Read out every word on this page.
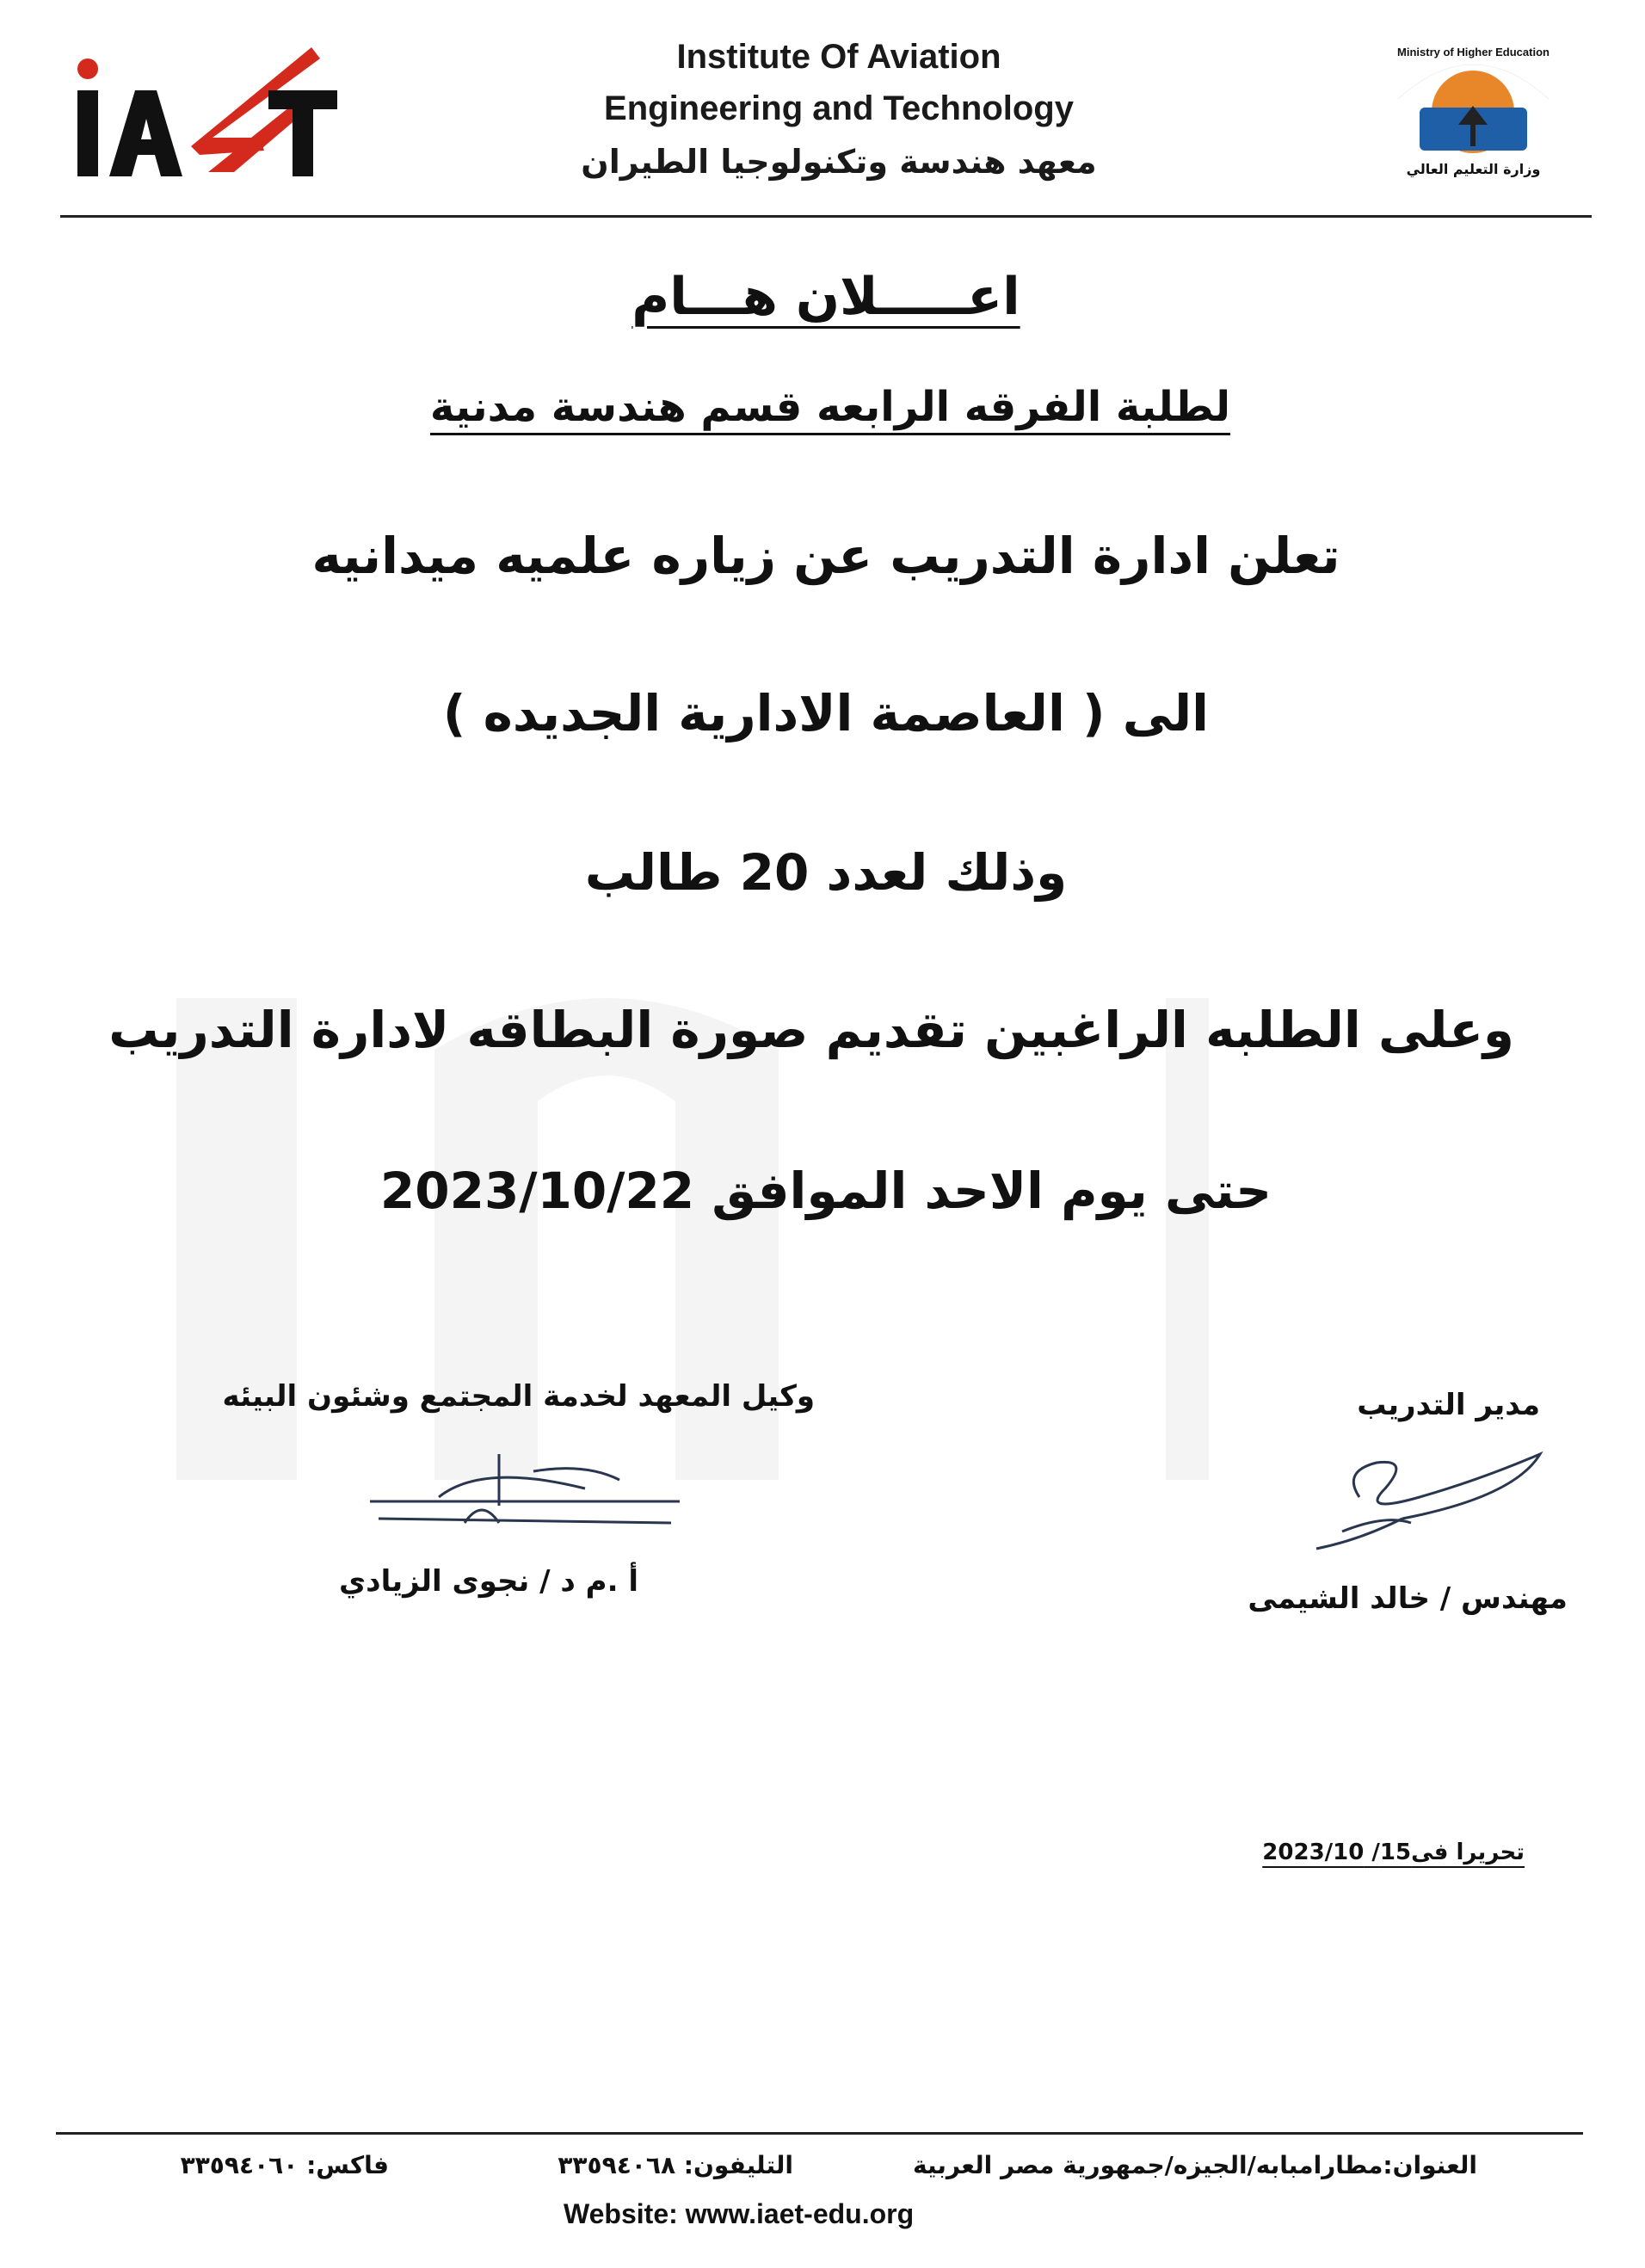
Institute Of Aviation
Engineering and Technology
معهد هندسة وتكنولوجيا الطيران
Ministry of Higher Education
وزارة التعليم العالي
اعـــــلان هـــام
لطلبة الفرقه الرابعه قسم هندسة مدنية
تعلن ادارة التدريب عن زياره علميه ميدانيه
الى ( العاصمة الادارية الجديده )
وذلك لعدد 20 طالب
وعلى الطلبه الراغبين تقديم صورة البطاقه لادارة التدريب
حتى يوم الاحد الموافق 2023/10/22
وكيل المعهد لخدمة المجتمع وشئون البيئه
أ .م د / نجوى الزيادي
مدير التدريب
مهندس / خالد الشيمى
تحريرا فى15/ 2023/10
العنوان:مطارامبابه/الجيزه/جمهورية مصر العربية
التليفون: ٣٣٥٩٤٠٦٨
فاكس: ٣٣٥٩٤٠٦٠
Website: www.iaet-edu.org
